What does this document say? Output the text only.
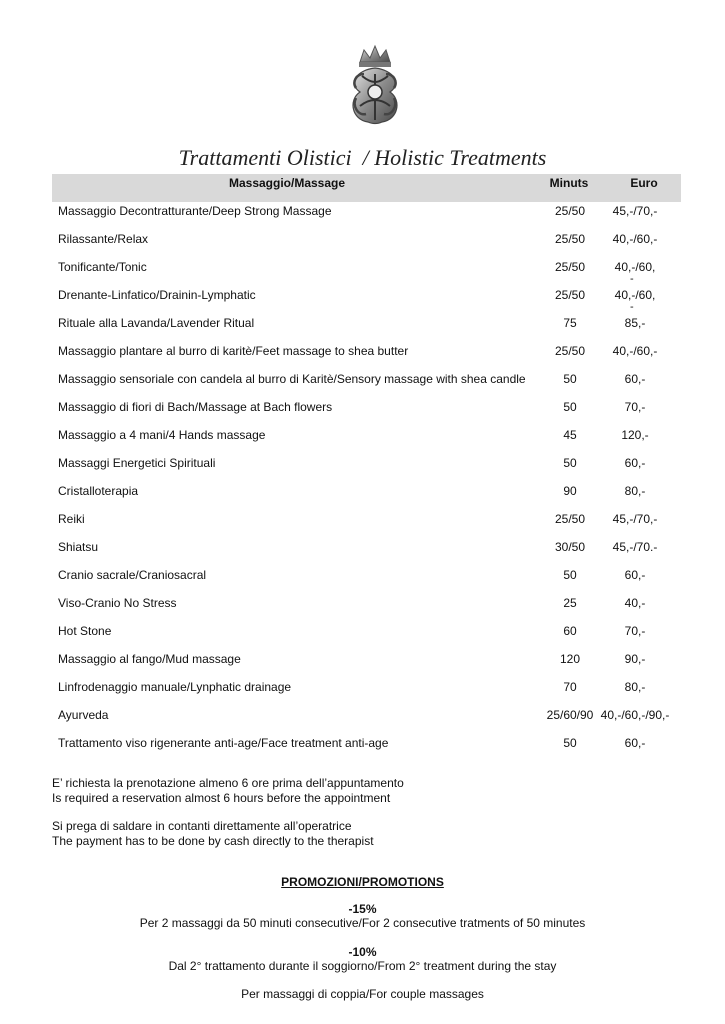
Trattamenti Olistici  / Holistic Treatments
Massaggio/Massage	Minuts	Euro
Massaggio Decontratturante/Deep Strong Massage	25/50	45,-/70,-
Rilassante/Relax	25/50	40,-/60,-
Tonificante/Tonic	25/50	40,-/60,
-
Drenante-Linfatico/Drainin-Lymphatic	25/50	40,-/60,
-
Rituale alla Lavanda/Lavender Ritual	75	85,-
Massaggio plantare al burro di karitè/Feet massage to shea butter	25/50	40,-/60,-
Massaggio sensoriale con candela al burro di Karitè/Sensory massage with shea candle	50	60,-
Massaggio di fiori di Bach/Massage at Bach flowers	50	70,-
Massaggio a 4 mani/4 Hands massage	45	120,-
Massaggi Energetici Spirituali	50	60,-
Cristalloterapia	90	80,-
Reiki	25/50	45,-/70,-
Shiatsu	30/50	45,-/70.-
Cranio sacrale/Craniosacral	50	60,-
Viso-Cranio No Stress	25	40,-
Hot Stone	60	70,-
Massaggio al fango/Mud massage	120	90,-
Linfrodenaggio manuale/Lynphatic drainage	70	80,-
Ayurveda	25/60/90 40,-/60,-/90,-
Trattamento viso rigenerante anti-age/Face treatment anti-age	50	60,-
E’ richiesta la prenotazione almeno 6 ore prima dell’appuntamento
Is required a reservation almost 6 hours before the appointment
Si prega di saldare in contanti direttamente all’operatrice
The payment has to be done by cash directly to the therapist
PROMOZIONI/PROMOTIONS
-15%
Per 2 massaggi da 50 minuti consecutive/For 2 consecutive tratments of 50 minutes
-10%
Dal 2° trattamento durante il soggiorno/From 2° treatment during the stay
Per massaggi di coppia/For couple massages
